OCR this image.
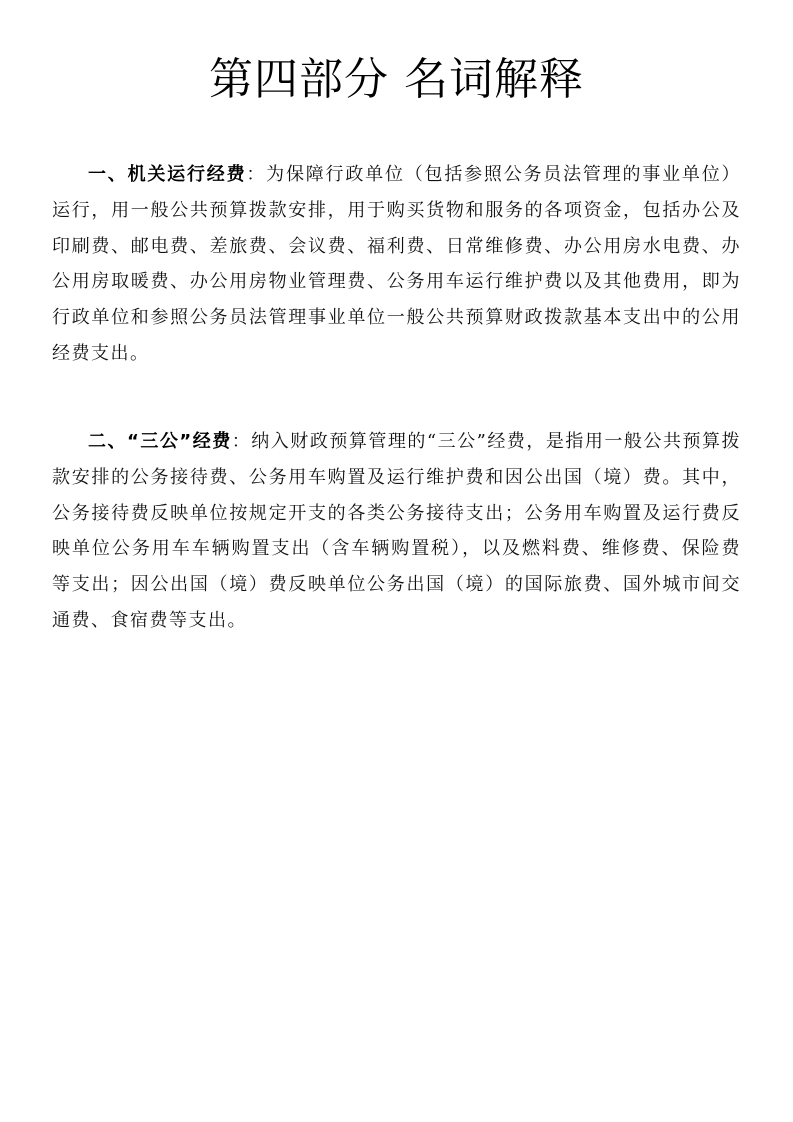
第四部分 名词解释

一、机关运行经费：为保障行政单位（包括参照公务员法管理的事业单位）运行，用一般公共预算拨款安排，用于购买货物和服务的各项资金，包括办公及印刷费、邮电费、差旅费、会议费、福利费、日常维修费、办公用房水电费、办公用房取暖费、办公用房物业管理费、公务用车运行维护费以及其他费用，即为行政单位和参照公务员法管理事业单位一般公共预算财政拨款基本支出中的公用经费支出。

二、“三公”经费：纳入财政预算管理的“三公”经费，是指用一般公共预算拨款安排的公务接待费、公务用车购置及运行维护费和因公出国（境）费。其中，公务接待费反映单位按规定开支的各类公务接待支出；公务用车购置及运行费反映单位公务用车车辆购置支出（含车辆购置税），以及燃料费、维修费、保险费等支出；因公出国（境）费反映单位公务出国（境）的国际旅费、国外城市间交通费、食宿费等支出。
